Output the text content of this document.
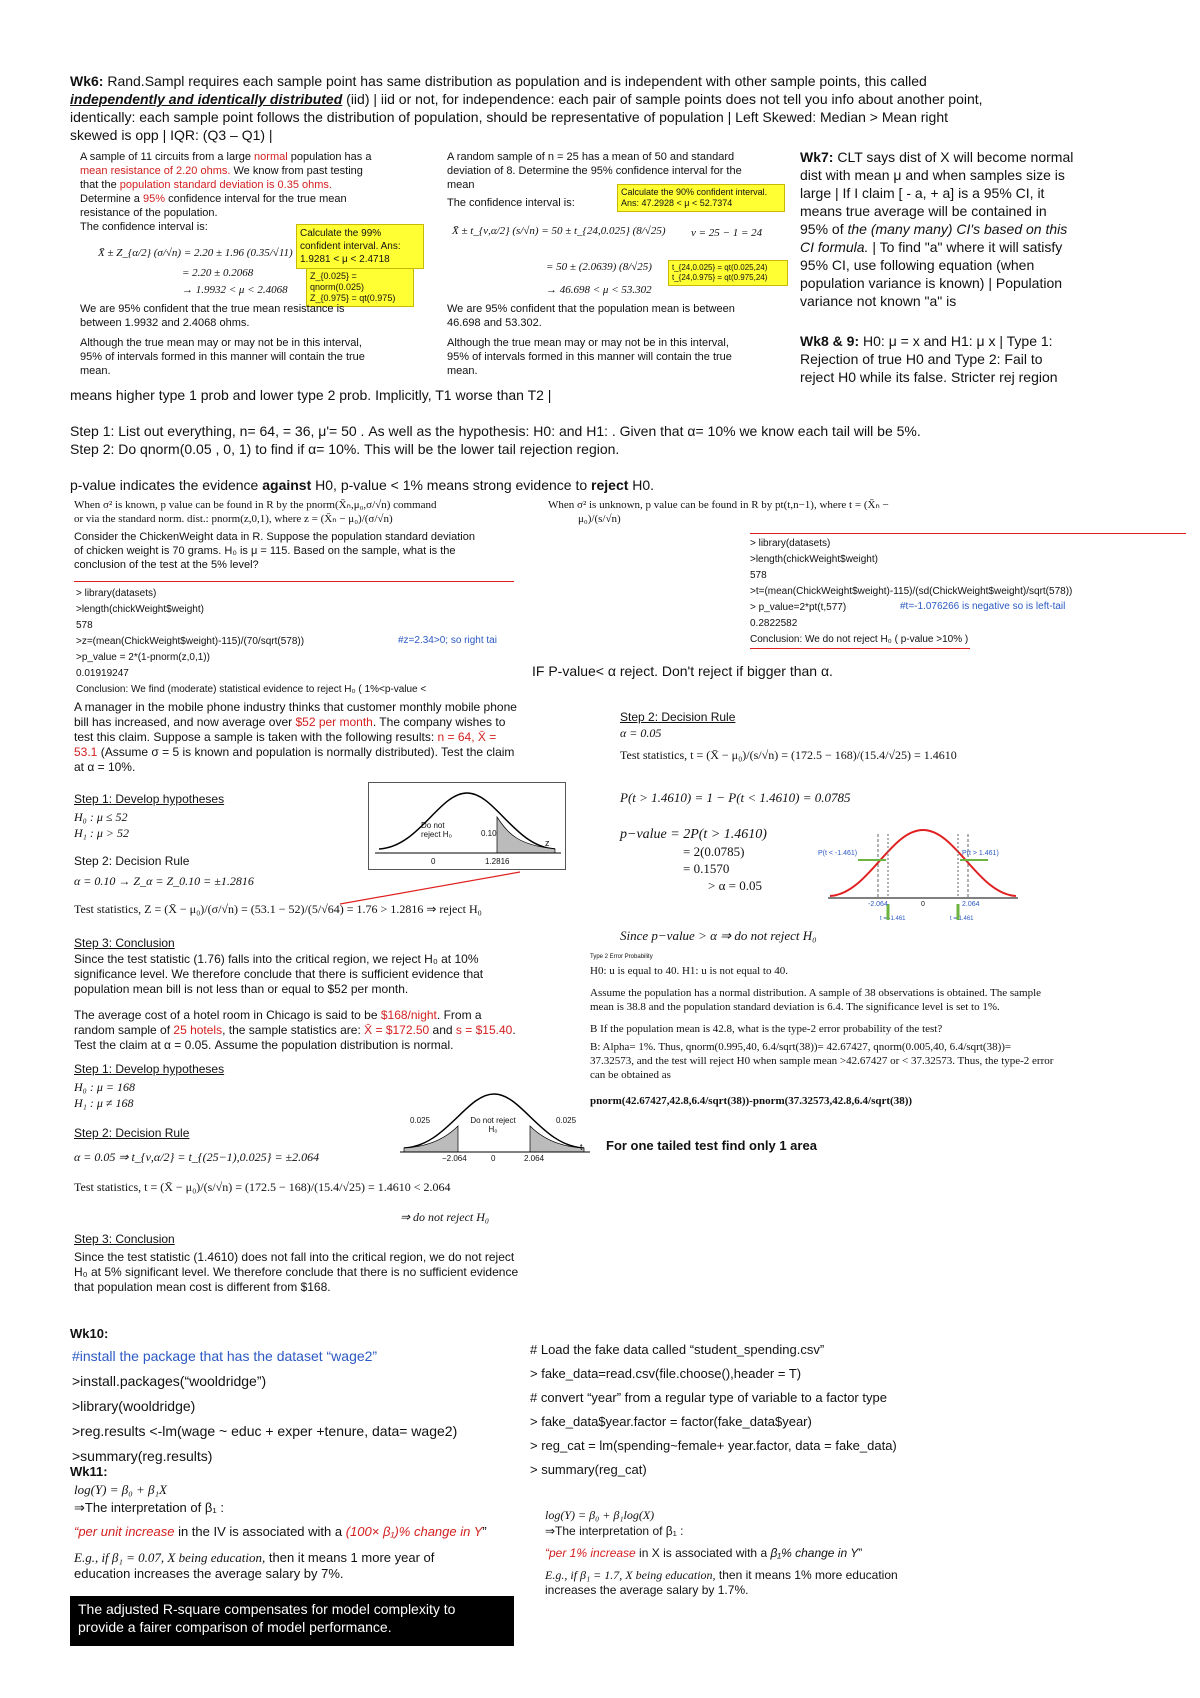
Wk6: Rand.Sampl requires each sample point has same distribution as population and is independent with other sample points, this called

independently and identically distributed (iid) | iid or not, for independence: each pair of sample points does not tell you info about another point,

identically: each sample point follows the distribution of population, should be representative of population | Left Skewed: Median > Mean right

skewed is opp | IQR: (Q3 – Q1) |

A sample of 11 circuits from a large normal population has a

mean resistance of 2.20 ohms. We know from past testing

that the population standard deviation is 0.35 ohms.

Determine a 95% confidence interval for the true mean

resistance of the population.

The confidence interval is:

X̄ ± Z_{α/2} (σ/√n) = 2.20 ± 1.96 (0.35/√11)
= 2.20 ± 0.2068
→ 1.9932 < μ < 2.4068
Calculate the 99% confident interval. Ans: 1.9281 < μ < 2.4718

Z_{0.025} = qnorm(0.025)

Z_{0.975} = qt(0.975)

We are 95% confident that the true mean resistance is

between 1.9932 and 2.4068 ohms.

Although the true mean may or may not be in this interval,

95% of intervals formed in this manner will contain the true

mean.

A random sample of n = 25 has a mean of 50 and standard

deviation of 8. Determine the 95% confidence interval for the

mean

The confidence interval is:

Calculate the 90% confident interval. Ans: 47.2928 < μ < 52.7374
X̄ ± t_{ν,α/2} (s/√n) = 50 ± t_{24,0.025} (8/√25) ν = 25 − 1 = 24
= 50 ± (2.0639) (8/√25)	t_{24,0.025} = qt(0.025,24)

t_{24,0.975} = qt(0.975,24)

→ 46.698 < μ < 53.302

We are 95% confident that the population mean is between

46.698 and 53.302.

Although the true mean may or may not be in this interval,

95% of intervals formed in this manner will contain the true

mean.

Wk7: CLT says dist of X will become normal

dist with mean μ and when samples size is

large | If I claim [ - a, + a] is a 95% CI, it

means true average will be contained in

95% of the (many many) CI's based on this

CI formula. | To find "a" where it will satisfy

95% CI, use following equation (when

population variance is known) | Population

variance not known "a" is

Wk8 & 9: H0: μ = x and H1: μ x | Type 1:

Rejection of true H0 and Type 2: Fail to

reject H0 while its false. Stricter rej region

means higher type 1 prob and lower type 2 prob. Implicitly, T1 worse than T2 |

Step 1: List out everything, n= 64, = 36, μ'= 50 . As well as the hypothesis: H0: and H1: . Given that α= 10% we know each tail will be 5%.

Step 2: Do qnorm(0.05 , 0, 1) to find if α= 10%. This will be the lower tail rejection region.

p-value indicates the evidence against H0, p-value < 1% means strong evidence to reject H0.

When σ² is known, p value can be found in R by the pnorm(X̄ₙ,μ₀,σ/√n) command

or via the standard norm. dist.: pnorm(z,0,1), where z = (X̄ₙ − μ₀)/(σ/√n)

When σ² is unknown, p value can be found in R by pt(t,n−1), where t = (X̄ₙ −

μ₀)/(s/√n)

Consider the ChickenWeight data in R. Suppose the population standard deviation

of chicken weight is 70 grams. H₀ is μ = 115. Based on the sample, what is the

conclusion of the test at the 5% level?

> library(datasets)

>length(chickWeight$weight)

578

>z=(mean(ChickWeight$weight)-115)/(70/sqrt(578))

>p_value = 2*(1-pnorm(z,0,1))

0.01919247

Conclusion: We find (moderate) statistical evidence to reject H₀ ( 1%<p-value <

#z=2.34>0; so right tai

> library(datasets)

>length(chickWeight$weight)

578

>t=(mean(ChickWeight$weight)-115)/(sd(ChickWeight$weight)/sqrt(578))

> p_value=2*pt(t,577)

0.2822582

Conclusion: We do not reject H₀ ( p-value >10% )

#t=-1.076266 is negative so is left-tail
IF P-value< α reject. Don't reject if bigger than α.

A manager in the mobile phone industry thinks that customer monthly mobile phone

bill has increased, and now average over $52 per month. The company wishes to

test this claim. Suppose a sample is taken with the following results: n = 64, X̄ =

53.1 (Assume σ = 5 is known and population is normally distributed). Test the claim

at α = 10%.

Step 1: Develop hypotheses
H₀ : μ ≤ 52
H₁ : μ > 52
Step 2: Decision Rule
α = 0.10 → Z_α = Z_0.10 = ±1.2816
Test statistics, Z = (X̄ − μ₀)/(σ/√n) = (53.1 − 52)/(5/√64) = 1.76 > 1.2816 ⇒ reject H₀
Step 3: Conclusion

Since the test statistic (1.76) falls into the critical region, we reject H₀ at 10%

significance level. We therefore conclude that there is sufficient evidence that

population mean bill is not less than or equal to $52 per month.

Do not reject H₀	0.10
0	1.2816
z
Step 2: Decision Rule
α = 0.05
Test statistics, t = (X̄ − μ₀)/(s/√n) = (172.5 − 168)/(15.4/√25) = 1.4610
P(t > 1.4610) = 1 − P(t < 1.4610) = 0.0785
p−value = 2P(t > 1.4610)
= 2(0.0785)
= 0.1570
> α = 0.05
Since p−value > α ⇒ do not reject H₀
P(t < -1.461)	P(t > 1.461)
-2.064	0	2.064
t = -1.461	t = 1.461
Type 2 Error Probability

H0: u is equal to 40. H1: u is not equal to 40.

Assume the population has a normal distribution. A sample of 38 observations is obtained. The sample

mean is 38.8 and the population standard deviation is 6.4. The significance level is set to 1%.

B If the population mean is 42.8, what is the type-2 error probability of the test?

B: Alpha= 1%. Thus, qnorm(0.995,40, 6.4/sqrt(38))= 42.67427, qnorm(0.005,40, 6.4/sqrt(38))=

37.32573, and the test will reject H0 when sample mean >42.67427 or < 37.32573. Thus, the type-2 error

can be obtained as

pnorm(42.67427,42.8,6.4/sqrt(38))-pnorm(37.32573,42.8,6.4/sqrt(38))

For one tailed test find only 1 area

The average cost of a hotel room in Chicago is said to be $168/night. From a

random sample of 25 hotels, the sample statistics are: X̄ = $172.50 and s = $15.40.

Test the claim at α = 0.05. Assume the population distribution is normal.

Step 1: Develop hypotheses
H₀ : μ = 168
H₁ : μ ≠ 168
Step 2: Decision Rule
α = 0.05 ⇒ t_{ν,α/2} = t_{(25−1),0.025} = ±2.064
Test statistics, t = (X̄ − μ₀)/(s/√n) = (172.5 − 168)/(15.4/√25) = 1.4610 < 2.064
⇒ do not reject H₀
Step 3: Conclusion

Since the test statistic (1.4610) does not fall into the critical region, we do not reject

H₀ at 5% significant level. We therefore conclude that there is no sufficient evidence

that population mean cost is different from $168.

0.025	0.025
Do not reject H₀
−2.064	0	2.064
t
Wk10:

#install the package that has the dataset “wage2”

>install.packages(“wooldridge”)

>library(wooldridge)

>reg.results <-lm(wage ~ educ + exper +tenure, data= wage2)

>summary(reg.results)

# Load the fake data called “student_spending.csv”

> fake_data=read.csv(file.choose(),header = T)

# convert “year” from a regular type of variable to a factor type

> fake_data$year.factor = factor(fake_data$year)

> reg_cat = lm(spending~female+ year.factor, data = fake_data)

> summary(reg_cat)

Wk11:
log(Y) = β₀ + β₁X
⇒The interpretation of β₁ :
“per unit increase in the IV is associated with a (100× β₁)% change in Y”

E.g., if β₁ = 0.07, X being education, then it means 1 more year of

education increases the average salary by 7%.

log(Y) = β₀ + β₁log(X)
⇒The interpretation of β₁ :
“per 1% increase in X is associated with a β₁% change in Y”

E.g., if β₁ = 1.7, X being education, then it means 1% more education

increases the average salary by 1.7%.

The adjusted R-square compensates for model complexity to

provide a fairer comparison of model performance.
